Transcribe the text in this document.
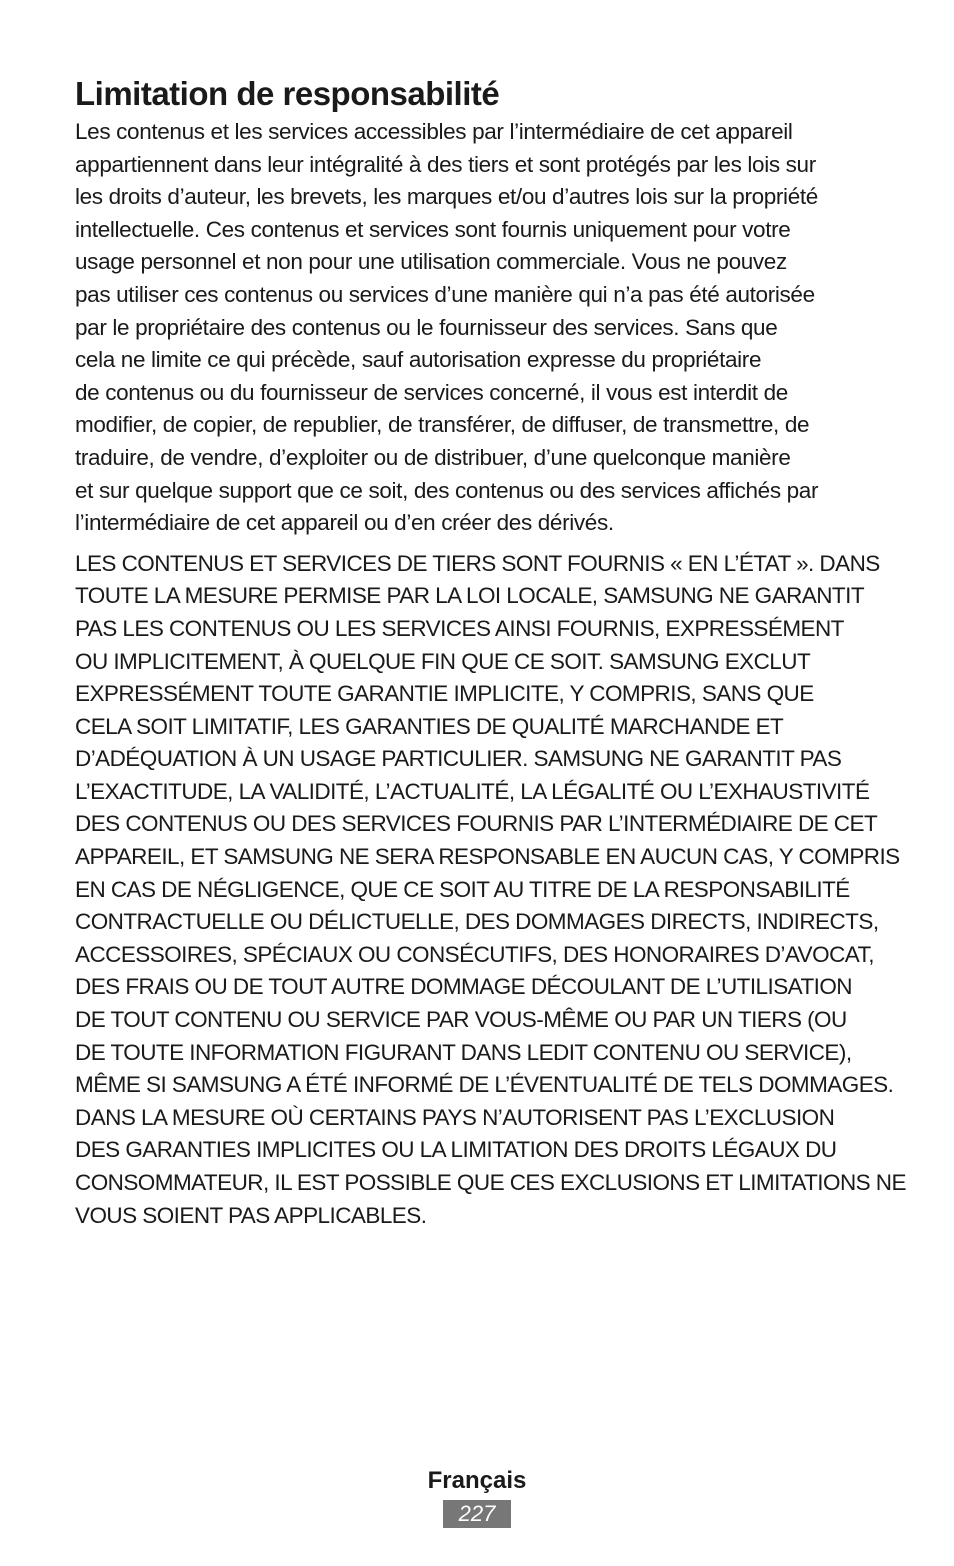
Limitation de responsabilité

Les contenus et les services accessibles par l’intermédiaire de cet appareil
appartiennent dans leur intégralité à des tiers et sont protégés par les lois sur
les droits d’auteur, les brevets, les marques et/ou d’autres lois sur la propriété
intellectuelle. Ces contenus et services sont fournis uniquement pour votre
usage personnel et non pour une utilisation commerciale. Vous ne pouvez
pas utiliser ces contenus ou services d’une manière qui n’a pas été autorisée
par le propriétaire des contenus ou le fournisseur des services. Sans que
cela ne limite ce qui précède, sauf autorisation expresse du propriétaire
de contenus ou du fournisseur de services concerné, il vous est interdit de
modifier, de copier, de republier, de transférer, de diffuser, de transmettre, de
traduire, de vendre, d’exploiter ou de distribuer, d’une quelconque manière
et sur quelque support que ce soit, des contenus ou des services affichés par
l’intermédiaire de cet appareil ou d’en créer des dérivés.

LES CONTENUS ET SERVICES DE TIERS SONT FOURNIS « EN L’ÉTAT ». DANS
TOUTE LA MESURE PERMISE PAR LA LOI LOCALE, SAMSUNG NE GARANTIT
PAS LES CONTENUS OU LES SERVICES AINSI FOURNIS, EXPRESSÉMENT
OU IMPLICITEMENT, À QUELQUE FIN QUE CE SOIT. SAMSUNG EXCLUT
EXPRESSÉMENT TOUTE GARANTIE IMPLICITE, Y COMPRIS, SANS QUE
CELA SOIT LIMITATIF, LES GARANTIES DE QUALITÉ MARCHANDE ET
D’ADÉQUATION À UN USAGE PARTICULIER. SAMSUNG NE GARANTIT PAS
L’EXACTITUDE, LA VALIDITÉ, L’ACTUALITÉ, LA LÉGALITÉ OU L’EXHAUSTIVITÉ
DES CONTENUS OU DES SERVICES FOURNIS PAR L’INTERMÉDIAIRE DE CET
APPAREIL, ET SAMSUNG NE SERA RESPONSABLE EN AUCUN CAS, Y COMPRIS
EN CAS DE NÉGLIGENCE, QUE CE SOIT AU TITRE DE LA RESPONSABILITÉ
CONTRACTUELLE OU DÉLICTUELLE, DES DOMMAGES DIRECTS, INDIRECTS,
ACCESSOIRES, SPÉCIAUX OU CONSÉCUTIFS, DES HONORAIRES D’AVOCAT,
DES FRAIS OU DE TOUT AUTRE DOMMAGE DÉCOULANT DE L’UTILISATION
DE TOUT CONTENU OU SERVICE PAR VOUS-MÊME OU PAR UN TIERS (OU
DE TOUTE INFORMATION FIGURANT DANS LEDIT CONTENU OU SERVICE),
MÊME SI SAMSUNG A ÉTÉ INFORMÉ DE L’ÉVENTUALITÉ DE TELS DOMMAGES.
DANS LA MESURE OÙ CERTAINS PAYS N’AUTORISENT PAS L’EXCLUSION
DES GARANTIES IMPLICITES OU LA LIMITATION DES DROITS LÉGAUX DU
CONSOMMATEUR, IL EST POSSIBLE QUE CES EXCLUSIONS ET LIMITATIONS NE
VOUS SOIENT PAS APPLICABLES.

Français
227
